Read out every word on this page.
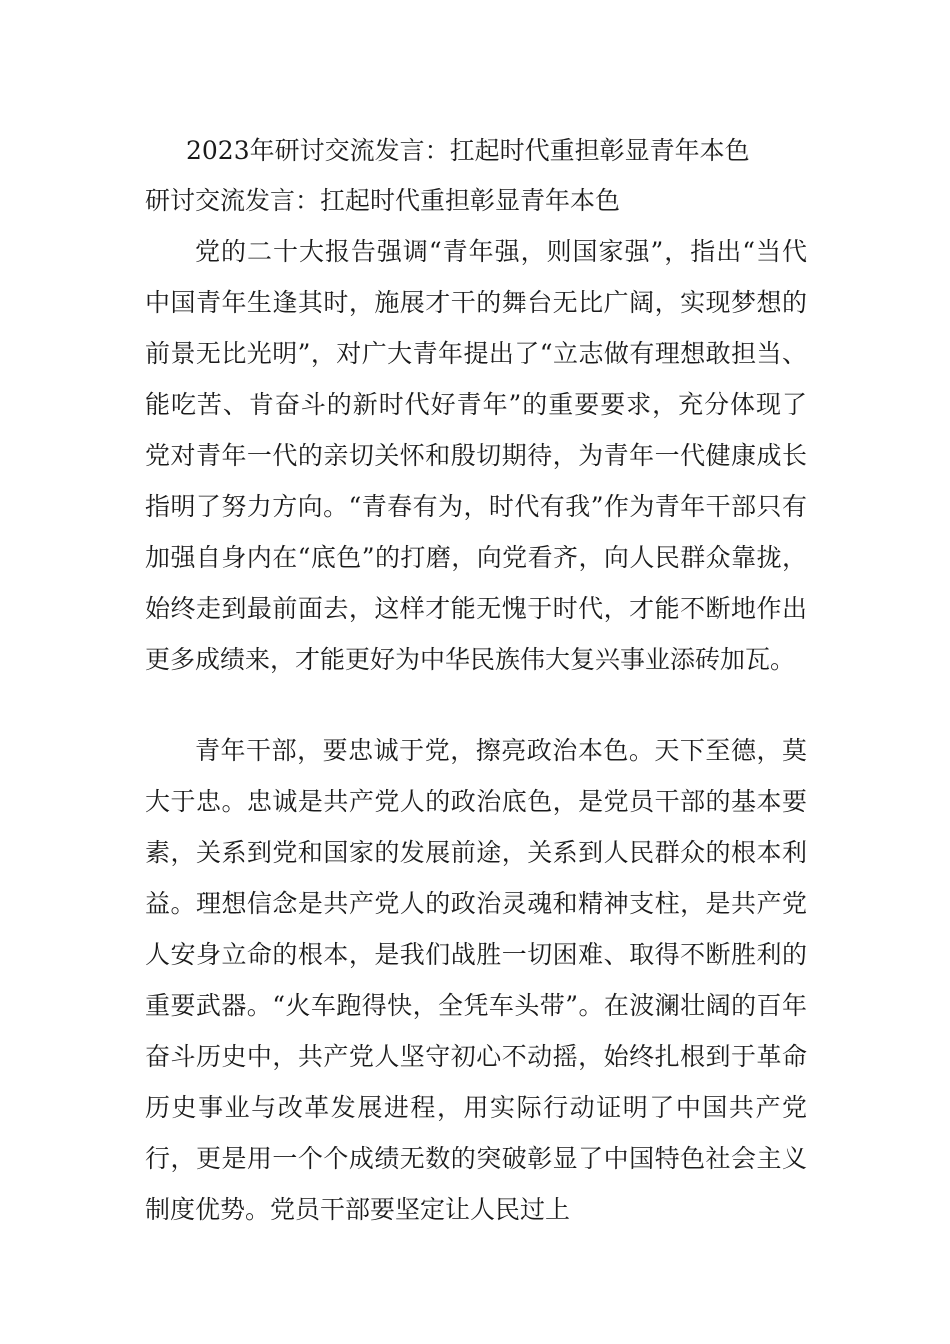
2023年研讨交流发言：扛起时代重担彰显青年本色
研讨交流发言：扛起时代重担彰显青年本色

党的二十大报告强调“青年强，则国家强”，指出“当代中国青年生逢其时，施展才干的舞台无比广阔，实现梦想的前景无比光明”，对广大青年提出了“立志做有理想敢担当、能吃苦、肯奋斗的新时代好青年”的重要要求，充分体现了党对青年一代的亲切关怀和殷切期待，为青年一代健康成长指明了努力方向。“青春有为，时代有我”作为青年干部只有加强自身内在“底色”的打磨，向党看齐，向人民群众靠拢，始终走到最前面去，这样才能无愧于时代，才能不断地作出更多成绩来，才能更好为中华民族伟大复兴事业添砖加瓦。

青年干部，要忠诚于党，擦亮政治本色。天下至德，莫大于忠。忠诚是共产党人的政治底色，是党员干部的基本要素，关系到党和国家的发展前途，关系到人民群众的根本利益。理想信念是共产党人的政治灵魂和精神支柱，是共产党人安身立命的根本，是我们战胜一切困难、取得不断胜利的重要武器。“火车跑得快，全凭车头带”。在波澜壮阔的百年奋斗历史中，共产党人坚守初心不动摇，始终扎根到于革命历史事业与改革发展进程，用实际行动证明了中国共产党行，更是用一个个成绩无数的突破彰显了中国特色社会主义制度优势。党员干部要坚定让人民过上
